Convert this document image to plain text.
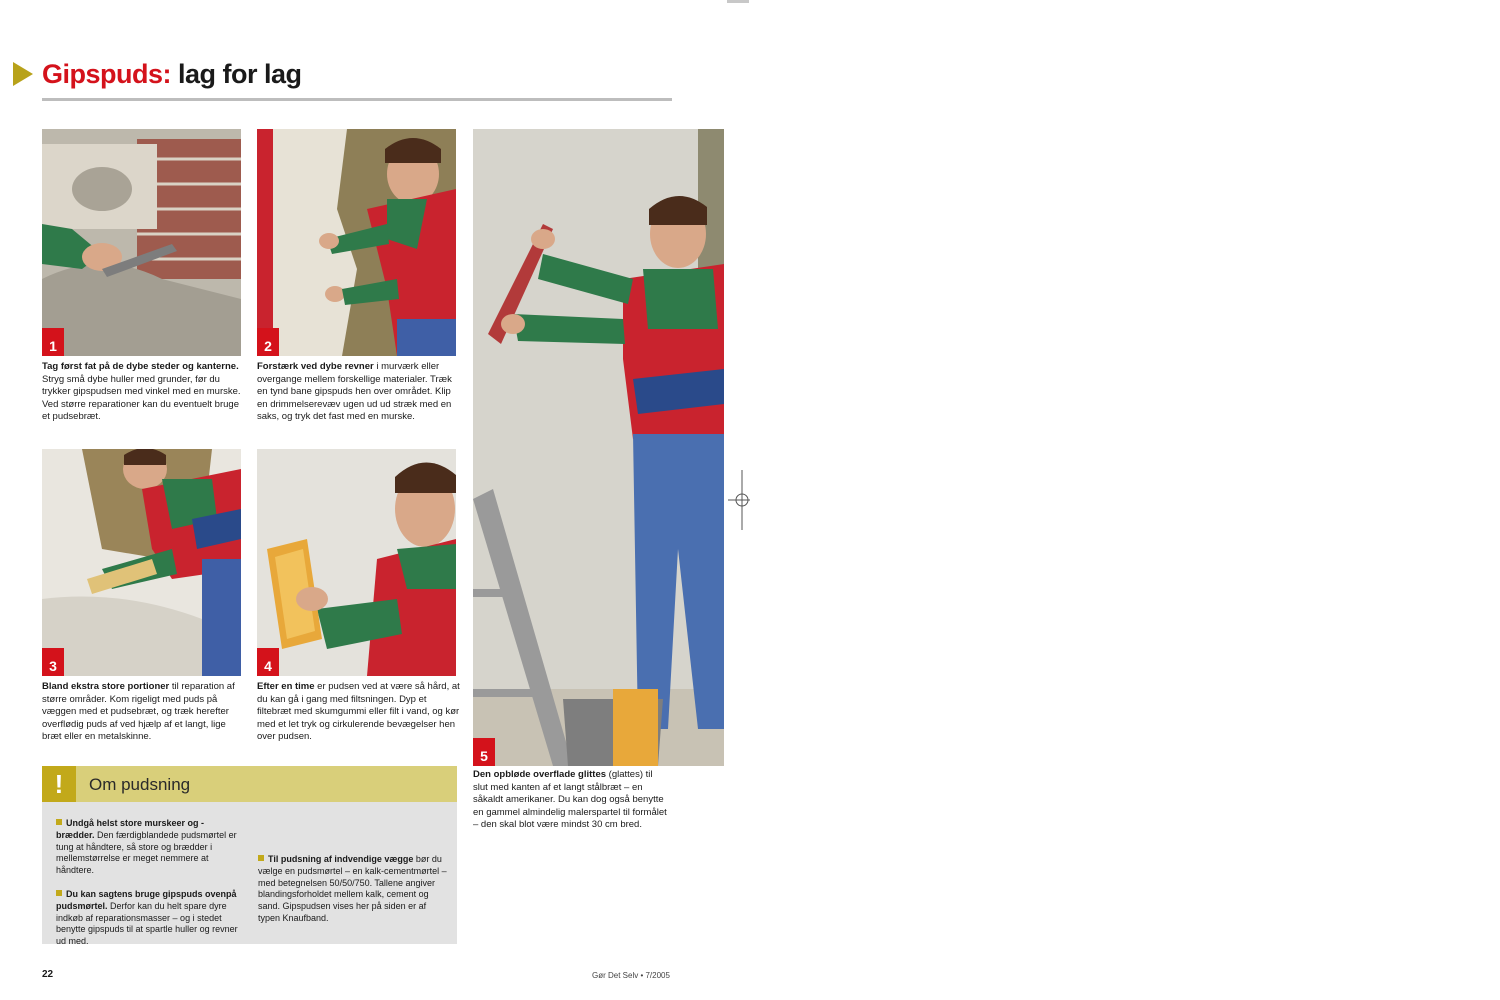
Gipspuds: lag for lag
1
Tag først fat på de dybe steder og kanterne. Stryg små dybe huller med grunder, før du trykker gipspudsen med vinkel med en murske. Ved større reparationer kan du eventuelt bruge et pudsebræt.
2
Forstærk ved dybe revner i murværk eller overgange mellem forskellige materialer. Træk en tynd bane gipspuds hen over området. Klip en drimmelserevæv ugen ud ud stræk med en saks, og tryk det fast med en murske.
3
Bland ekstra store portioner til reparation af større områder. Kom rigeligt med puds på væggen med et pudsebræt, og træk herefter overflødig puds af ved hjælp af et langt, lige bræt eller en metalskinne.
4
Efter en time er pudsen ved at være så hård, at du kan gå i gang med filtsningen. Dyp et filtebræt med skumgummi eller filt i vand, og kør med et let tryk og cirkulerende bevægelser hen over pudsen.
5
Den opbløde overflade glittes (glattes) til slut med kanten af et langt stålbræt – en såkaldt amerikaner. Du kan dog også benytte en gammel almindelig malerspartel til formålet – den skal blot være mindst 30 cm bred.
!	Om pudsning

Undgå helst store murskeer og -brædder. Den færdigblandede pudsmørtel er tung at håndtere, så store og brædder i mellemstørrelse er meget nemmere at håndtere.

Du kan sagtens bruge gipspuds ovenpå pudsmørtel. Derfor kan du helt spare dyre indkøb af reparationsmasser – og i stedet benytte gipspuds til at spartle huller og revner ud med.

Til pudsning af indvendige vægge bør du vælge en pudsmørtel – en kalk-cementmørtel – med betegnelsen 50/50/750. Tallene angiver blandingsforholdet mellem kalk, cement og sand. Gipspudsen vises her på siden er af typen Knaufband.

22	Gør Det Selv • 7/2005
